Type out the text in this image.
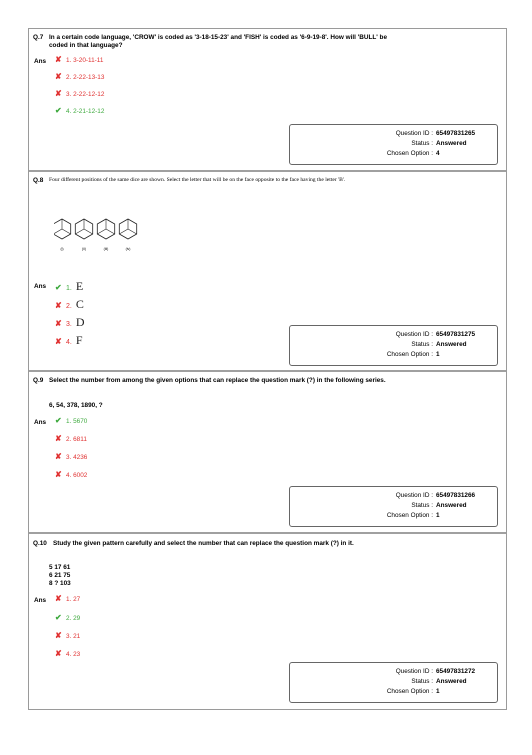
Q.7 In a certain code language, 'CROW' is coded as '3-18-15-23' and 'FISH' is coded as '6-9-19-8'. How will 'BULL' be coded in that language?
Ans ✘ 1. 3-20-11-11
✘ 2. 2-22-13-13
✘ 3. 2-22-12-12
✔ 4. 2-21-12-12
Question ID : 65497831265
Status : Answered
Chosen Option : 4
Q.8 Four different positions of the same dice are shown. Select the letter that will be on the face opposite to the face having the letter 'B'.
(i)	(ii)	(iii)	(iv)
Ans ✔ 1. E
✘ 2. C
✘ 3. D
✘ 4. F	Question ID : 65497831275
Status : Answered
Chosen Option : 1
Q.9 Select the number from among the given options that can replace the question mark (?) in the following series.
6, 54, 378, 1890, ?
Ans ✔ 1. 5670
✘ 2. 6811
✘ 3. 4236
✘ 4. 6002
Question ID : 65497831266
Status : Answered
Chosen Option : 1
Q.10 Study the given pattern carefully and select the number that can replace the question mark (?) in it.
5 17 61
6 21 75
8 ? 103
Ans ✘ 1. 27
✔ 2. 29
✘ 3. 21
✘ 4. 23
Question ID : 65497831272
Status : Answered
Chosen Option : 1
